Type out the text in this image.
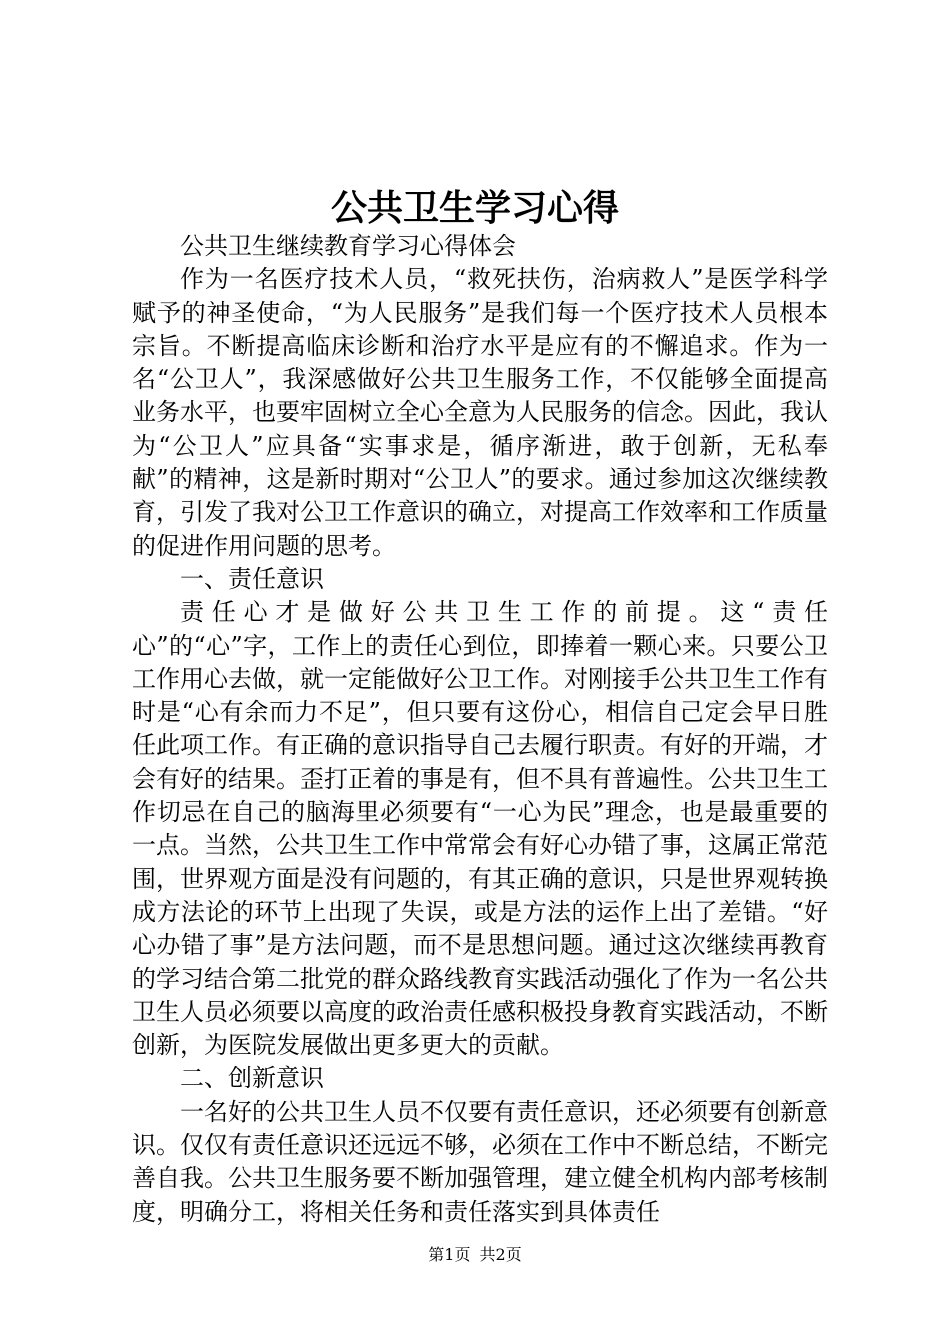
公共卫生学习心得

公共卫生继续教育学习心得体会

作为一名医疗技术人员，“救死扶伤，治病救人”是医学科学赋予的神圣使命，“为人民服务”是我们每一个医疗技术人员根本宗旨。不断提高临床诊断和治疗水平是应有的不懈追求。作为一名“公卫人”，我深感做好公共卫生服务工作，不仅能够全面提高业务水平，也要牢固树立全心全意为人民服务的信念。因此，我认为“公卫人”应具备“实事求是，循序渐进，敢于创新，无私奉献”的精神，这是新时期对“公卫人”的要求。通过参加这次继续教育，引发了我对公卫工作意识的确立，对提高工作效率和工作质量的促进作用问题的思考。

一、责任意识

责任心才是做好公共卫生工作的前提。这“责任心”的“心”字，工作上的责任心到位，即捧着一颗心来。只要公卫工作用心去做，就一定能做好公卫工作。对刚接手公共卫生工作有时是“心有余而力不足”，但只要有这份心，相信自己定会早日胜任此项工作。有正确的意识指导自己去履行职责。有好的开端，才会有好的结果。歪打正着的事是有，但不具有普遍性。公共卫生工作切忌在自己的脑海里必须要有“一心为民”理念，也是最重要的一点。当然，公共卫生工作中常常会有好心办错了事，这属正常范围，世界观方面是没有问题的，有其正确的意识，只是世界观转换成方法论的环节上出现了失误，或是方法的运作上出了差错。“好心办错了事”是方法问题，而不是思想问题。通过这次继续再教育的学习结合第二批党的群众路线教育实践活动强化了作为一名公共卫生人员必须要以高度的政治责任感积极投身教育实践活动，不断创新，为医院发展做出更多更大的贡献。

二、创新意识

一名好的公共卫生人员不仅要有责任意识，还必须要有创新意识。仅仅有责任意识还远远不够，必须在工作中不断总结，不断完善自我。公共卫生服务要不断加强管理，建立健全机构内部考核制度，明确分工，将相关任务和责任落实到具体责任

第1页 共2页
